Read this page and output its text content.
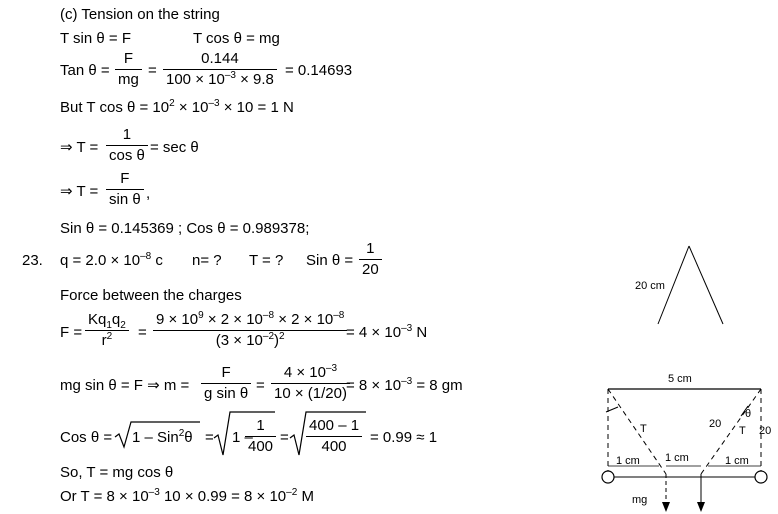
(c) Tension on the string
T sin θ = F	T cos θ = mg
Tan $\theta = \frac{F}{mg} = \frac{0.144}{100 \times 10^{-3} \times 9.8} = 0.14693$
But T $\cos \theta = 10^2 \times 10^{-3} \times 10 = 1$ N
⇒ $T = \frac{1}{\text{cos θ}} = \sec \theta$
⇒ $T = \frac{F}{\text{sin θ}}$ ,
Sin θ = 0.145369 ; Cos θ = 0.989378;
23. $q = 2.0 \times 10^{-8}$ c n= ? T = ? Sin $\theta = \frac{1}{20}$
Force between the charges
$F = \frac{Kq_1q_2}{r^2} = \frac{9 \times 10^9 \times 2 \times 10^{-8} \times 2 \times 10^{-8}}{(3 \times 10^{-2})^2}$
= $4 \times 10^{-3}$ N
mg sin θ = F ⇒ $m = \frac{F}{\text{g sin θ}} = \frac{4 \times 10^{-3}}{10 \times (1/20)}$
= $8 \times 10^{-3} = 8$ gm
Cos θ = 1 – Sin$^2$θ = 1 –
$\frac{1}{400} = \frac{400 - 1}{400} = 0.99 \approx 1$
So, T = mg cos θ
Or $T = 8 \times 10^{-3}$ $10 \times 0.99 = 8 \times 10^{-2}$ M
20 cm
5 cm
T	20
θ
T 20
1 cm 1 cm	1 cm
mg
